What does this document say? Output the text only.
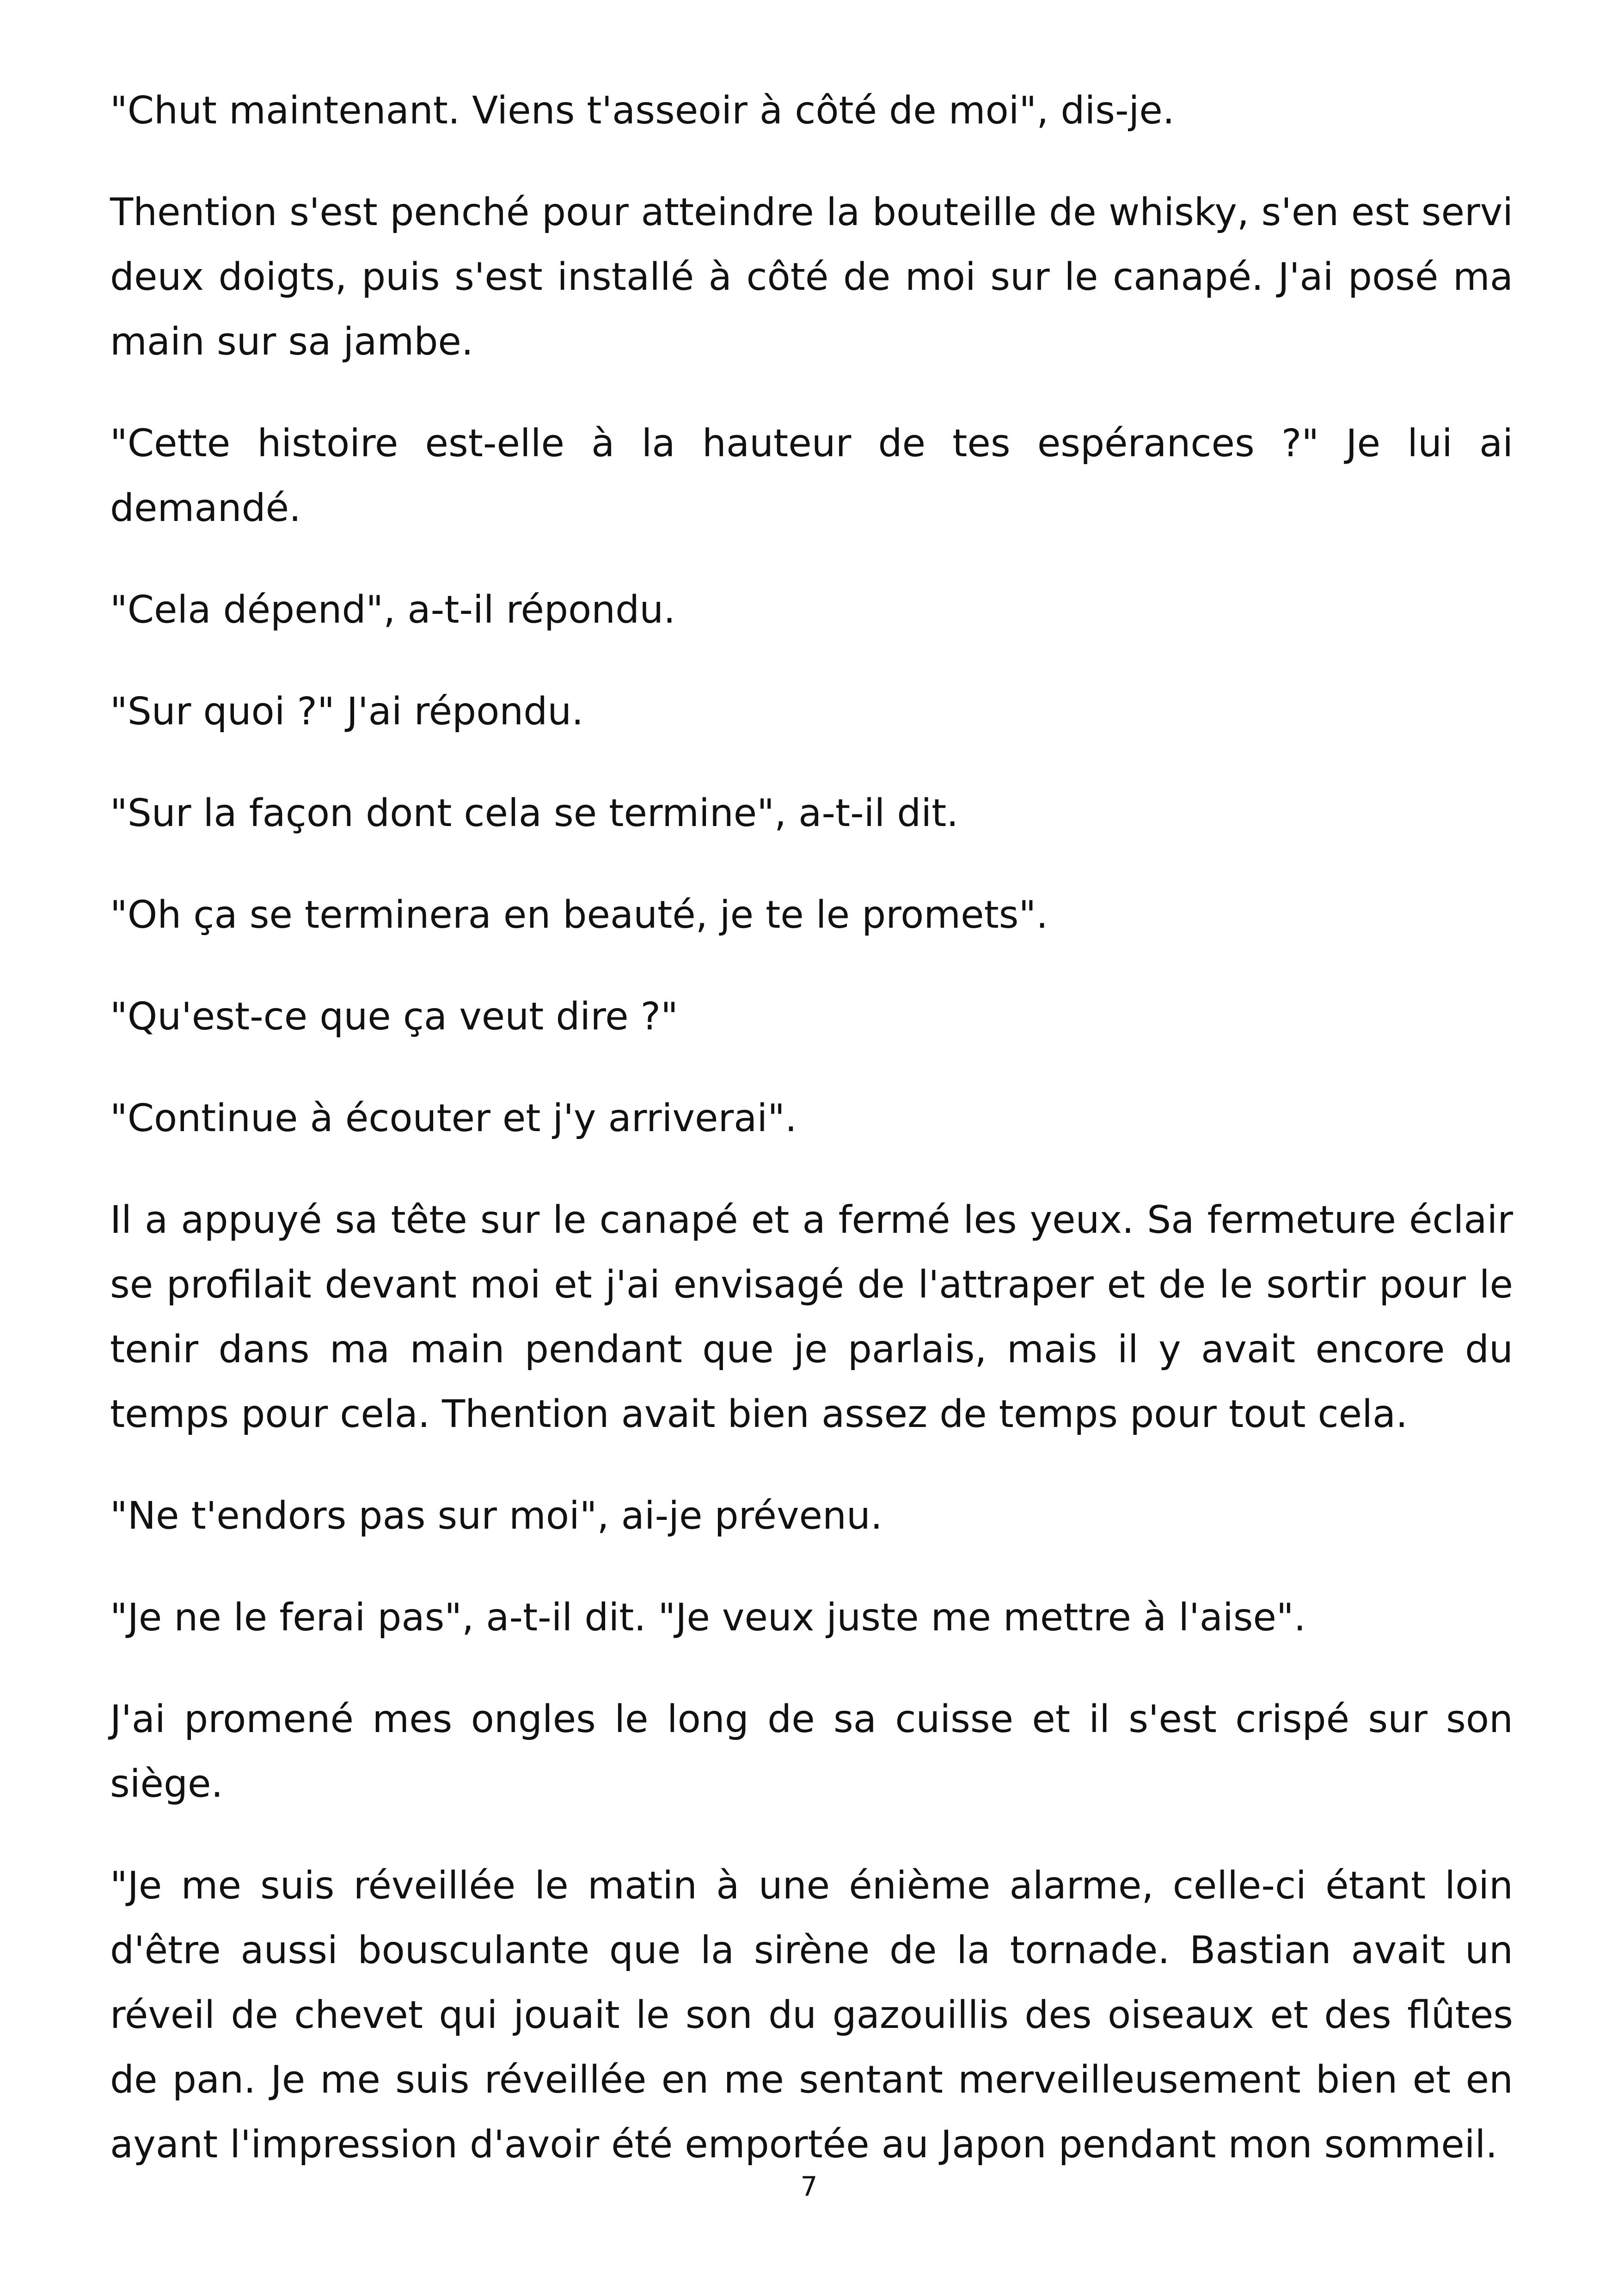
"Chut maintenant. Viens t'asseoir à côté de moi", dis-je.

Thention s'est penché pour atteindre la bouteille de whisky, s'en est servi deux doigts, puis s'est installé à côté de moi sur le canapé. J'ai posé ma main sur sa jambe.

"Cette histoire est-elle à la hauteur de tes espérances ?" Je lui ai demandé.

"Cela dépend", a-t-il répondu.

"Sur quoi ?" J'ai répondu.

"Sur la façon dont cela se termine", a-t-il dit.

"Oh ça se terminera en beauté, je te le promets".

"Qu'est-ce que ça veut dire ?"

"Continue à écouter et j'y arriverai".

Il a appuyé sa tête sur le canapé et a fermé les yeux. Sa fermeture éclair se profilait devant moi et j'ai envisagé de l'attraper et de le sortir pour le tenir dans ma main pendant que je parlais, mais il y avait encore du temps pour cela. Thention avait bien assez de temps pour tout cela.

"Ne t'endors pas sur moi", ai-je prévenu.

"Je ne le ferai pas", a-t-il dit. "Je veux juste me mettre à l'aise".

J'ai promené mes ongles le long de sa cuisse et il s'est crispé sur son siège.

"Je me suis réveillée le matin à une énième alarme, celle-ci étant loin d'être aussi bousculante que la sirène de la tornade. Bastian avait un réveil de chevet qui jouait le son du gazouillis des oiseaux et des flûtes de pan. Je me suis réveillée en me sentant merveilleusement bien et en ayant l'impression d'avoir été emportée au Japon pendant mon sommeil.

7
